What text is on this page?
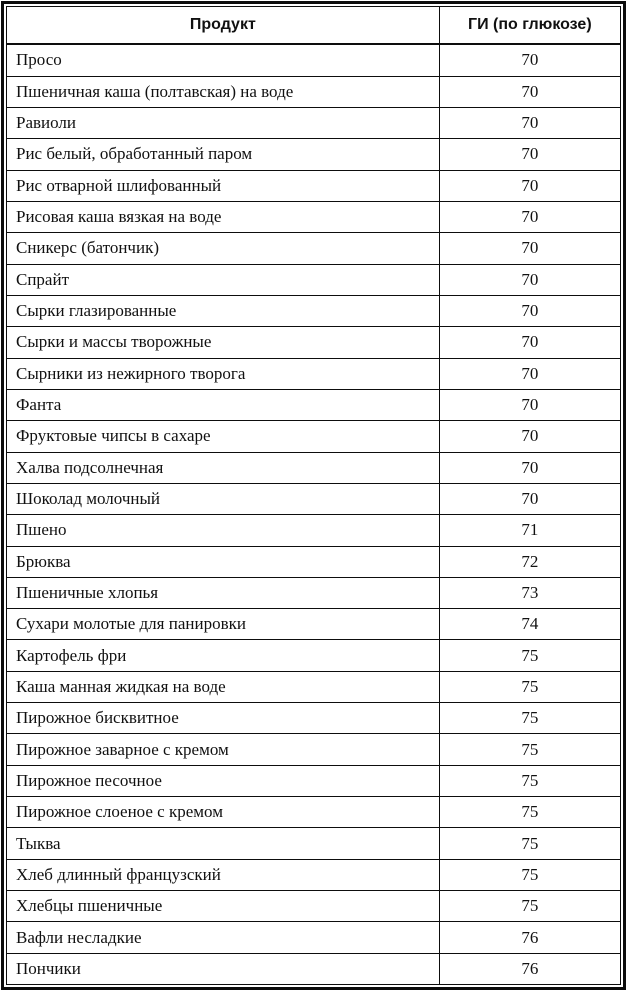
Продукт	ГИ (по глюкозе)
Просо	70
Пшеничная каша (полтавская) на воде	70
Равиоли	70
Рис белый, обработанный паром	70
Рис отварной шлифованный	70
Рисовая каша вязкая на воде	70
Сникерс (батончик)	70
Спрайт	70
Сырки глазированные	70
Сырки и массы творожные	70
Сырники из нежирного творога	70
Фанта	70
Фруктовые чипсы в сахаре	70
Халва подсолнечная	70
Шоколад молочный	70
Пшено	71
Брюква	72
Пшеничные хлопья	73
Сухари молотые для панировки	74
Картофель фри	75
Каша манная жидкая на воде	75
Пирожное бисквитное	75
Пирожное заварное с кремом	75
Пирожное песочное	75
Пирожное слоеное с кремом	75
Тыква	75
Хлеб длинный французский	75
Хлебцы пшеничные	75
Вафли несладкие	76
Пончики	76
